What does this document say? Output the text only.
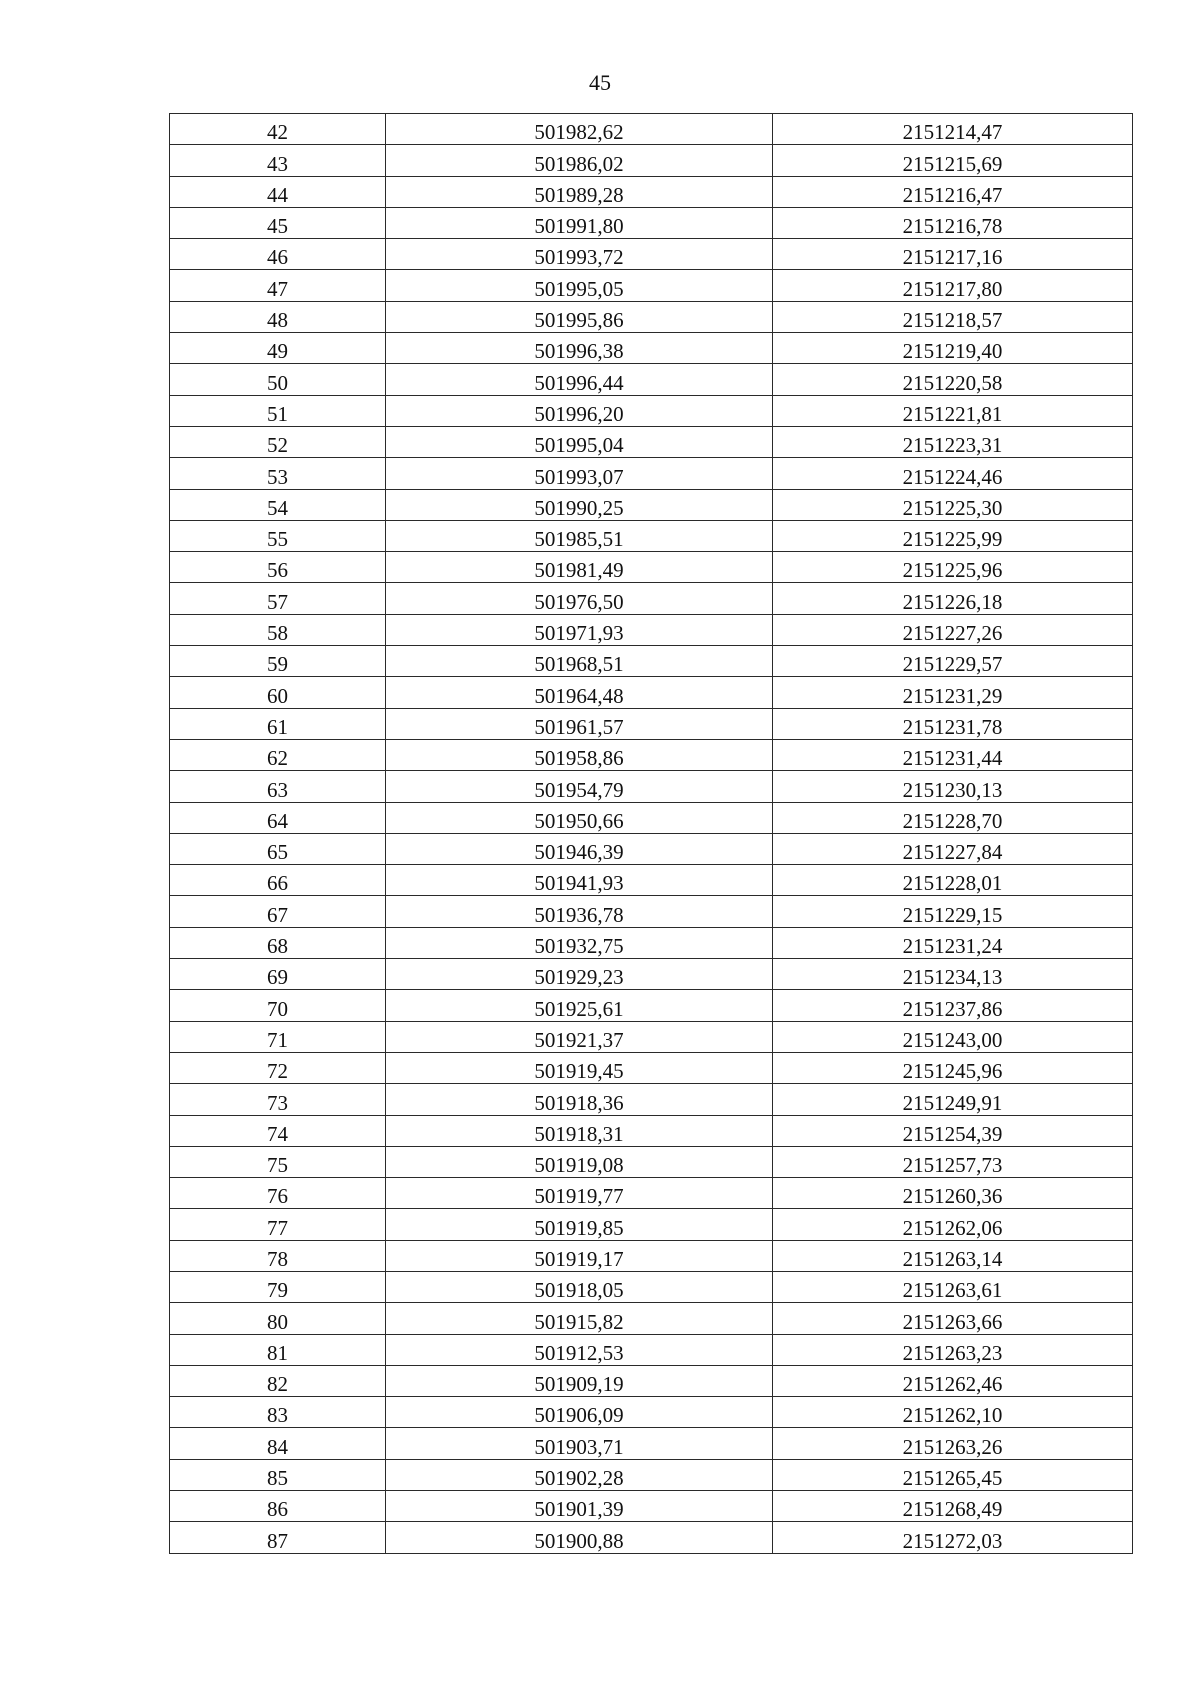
45
42	501982,62	2151214,47
43	501986,02	2151215,69
44	501989,28	2151216,47
45	501991,80	2151216,78
46	501993,72	2151217,16
47	501995,05	2151217,80
48	501995,86	2151218,57
49	501996,38	2151219,40
50	501996,44	2151220,58
51	501996,20	2151221,81
52	501995,04	2151223,31
53	501993,07	2151224,46
54	501990,25	2151225,30
55	501985,51	2151225,99
56	501981,49	2151225,96
57	501976,50	2151226,18
58	501971,93	2151227,26
59	501968,51	2151229,57
60	501964,48	2151231,29
61	501961,57	2151231,78
62	501958,86	2151231,44
63	501954,79	2151230,13
64	501950,66	2151228,70
65	501946,39	2151227,84
66	501941,93	2151228,01
67	501936,78	2151229,15
68	501932,75	2151231,24
69	501929,23	2151234,13
70	501925,61	2151237,86
71	501921,37	2151243,00
72	501919,45	2151245,96
73	501918,36	2151249,91
74	501918,31	2151254,39
75	501919,08	2151257,73
76	501919,77	2151260,36
77	501919,85	2151262,06
78	501919,17	2151263,14
79	501918,05	2151263,61
80	501915,82	2151263,66
81	501912,53	2151263,23
82	501909,19	2151262,46
83	501906,09	2151262,10
84	501903,71	2151263,26
85	501902,28	2151265,45
86	501901,39	2151268,49
87	501900,88	2151272,03
